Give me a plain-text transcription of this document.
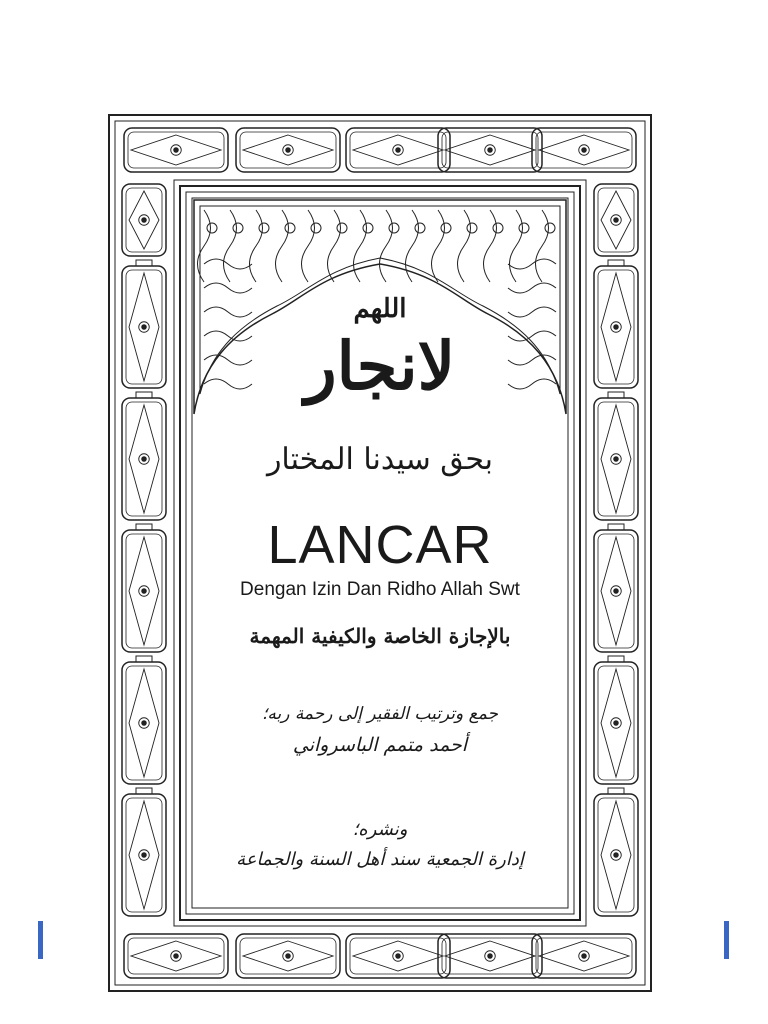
اللهم
لانجار
بحق سيدنا المختار
LANCAR
Dengan Izin Dan Ridho Allah Swt
بالإجازة الخاصة والكيفية المهمة
جمع وترتيب الفقير إلى رحمة ربه؛
أحمد متمم الباسرواني
ونشره؛
إدارة الجمعية سند أهل السنة والجماعة
